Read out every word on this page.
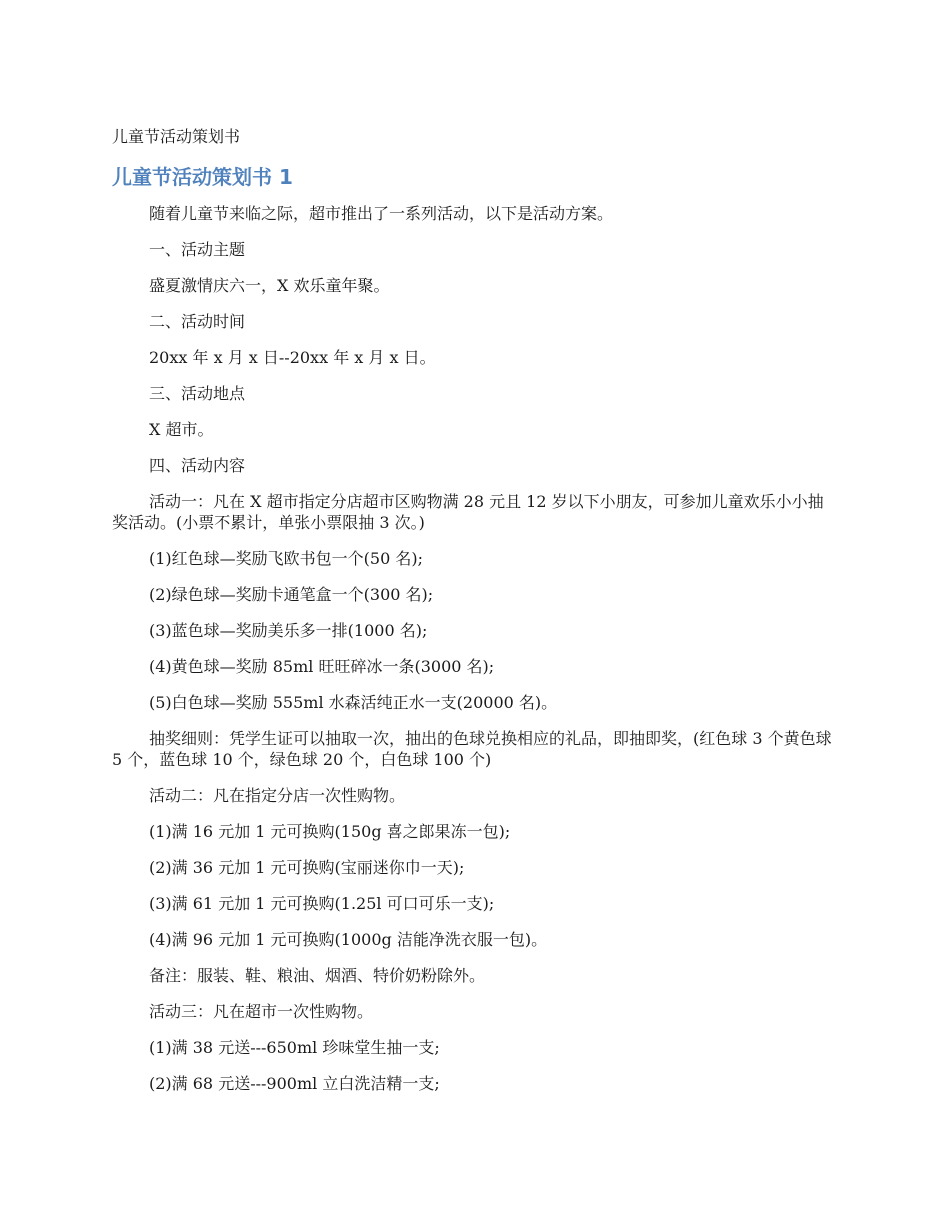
儿童节活动策划书
儿童节活动策划书 1

随着儿童节来临之际，超市推出了一系列活动，以下是活动方案。

一、活动主题

盛夏激情庆六一，X 欢乐童年聚。

二、活动时间

20xx 年 x 月 x 日--20xx 年 x 月 x 日。

三、活动地点

X 超市。

四、活动内容

活动一：凡在 X 超市指定分店超市区购物满 28 元且 12 岁以下小朋友，可参加儿童欢乐小小抽奖活动。(小票不累计，单张小票限抽 3 次。)

(1)红色球—奖励飞欧书包一个(50 名);

(2)绿色球—奖励卡通笔盒一个(300 名);

(3)蓝色球—奖励美乐多一排(1000 名);

(4)黄色球—奖励 85ml 旺旺碎冰一条(3000 名);

(5)白色球—奖励 555ml 水森活纯正水一支(20000 名)。

抽奖细则：凭学生证可以抽取一次，抽出的色球兑换相应的礼品，即抽即奖，(红色球 3 个黄色球 5 个，蓝色球 10 个，绿色球 20 个，白色球 100 个)

活动二：凡在指定分店一次性购物。

(1)满 16 元加 1 元可换购(150g 喜之郎果冻一包);

(2)满 36 元加 1 元可换购(宝丽迷你巾一天);

(3)满 61 元加 1 元可换购(1.25l 可口可乐一支);

(4)满 96 元加 1 元可换购(1000g 洁能净洗衣服一包)。

备注：服装、鞋、粮油、烟酒、特价奶粉除外。

活动三：凡在超市一次性购物。

(1)满 38 元送---650ml 珍味堂生抽一支;

(2)满 68 元送---900ml 立白洗洁精一支;
